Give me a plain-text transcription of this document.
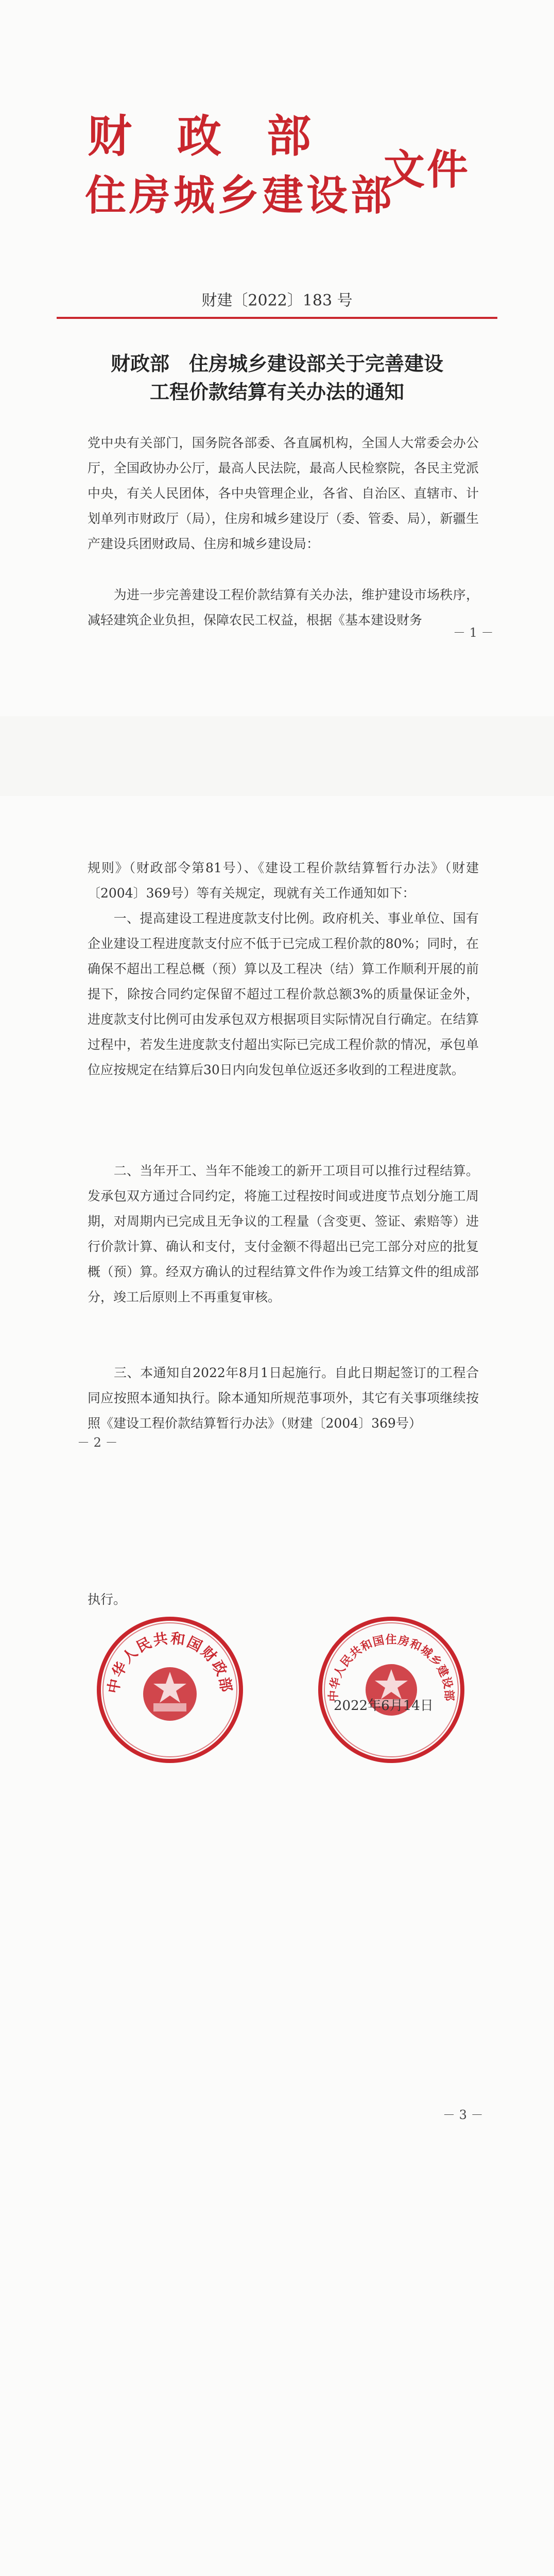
财政部
住房城乡建设部
文件
财建〔2022〕183 号
财政部　住房城乡建设部关于完善建设
工程价款结算有关办法的通知
党中央有关部门，国务院各部委、各直属机构，全国人大常委会办公厅，全国政协办公厅，最高人民法院，最高人民检察院，各民主党派中央，有关人民团体，各中央管理企业，各省、自治区、直辖市、计划单列市财政厅（局），住房和城乡建设厅（委、管委、局），新疆生产建设兵团财政局、住房和城乡建设局：
　　为进一步完善建设工程价款结算有关办法，维护建设市场秩序，减轻建筑企业负担，保障农民工权益，根据《基本建设财务
－ 1 －
规则》（财政部令第81号）、《建设工程价款结算暂行办法》（财建〔2004〕369号）等有关规定，现就有关工作通知如下：
　　一、提高建设工程进度款支付比例。政府机关、事业单位、国有企业建设工程进度款支付应不低于已完成工程价款的80%；同时，在确保不超出工程总概（预）算以及工程决（结）算工作顺利开展的前提下，除按合同约定保留不超过工程价款总额3%的质量保证金外，进度款支付比例可由发承包双方根据项目实际情况自行确定。在结算过程中，若发生进度款支付超出实际已完成工程价款的情况，承包单位应按规定在结算后30日内向发包单位返还多收到的工程进度款。
　　二、当年开工、当年不能竣工的新开工项目可以推行过程结算。发承包双方通过合同约定，将施工过程按时间或进度节点划分施工周期，对周期内已完成且无争议的工程量（含变更、签证、索赔等）进行价款计算、确认和支付，支付金额不得超出已完工部分对应的批复概（预）算。经双方确认的过程结算文件作为竣工结算文件的组成部分，竣工后原则上不再重复审核。
　　三、本通知自2022年8月1日起施行。自此日期起签订的工程合同应按照本通知执行。除本通知所规范事项外，其它有关事项继续按照《建设工程价款结算暂行办法》（财建〔2004〕369号）
－ 2 －
执行。
中华人民共和国财政部
中华人民共和国住房和城乡建设部
2022年6月14日
－ 3 －
